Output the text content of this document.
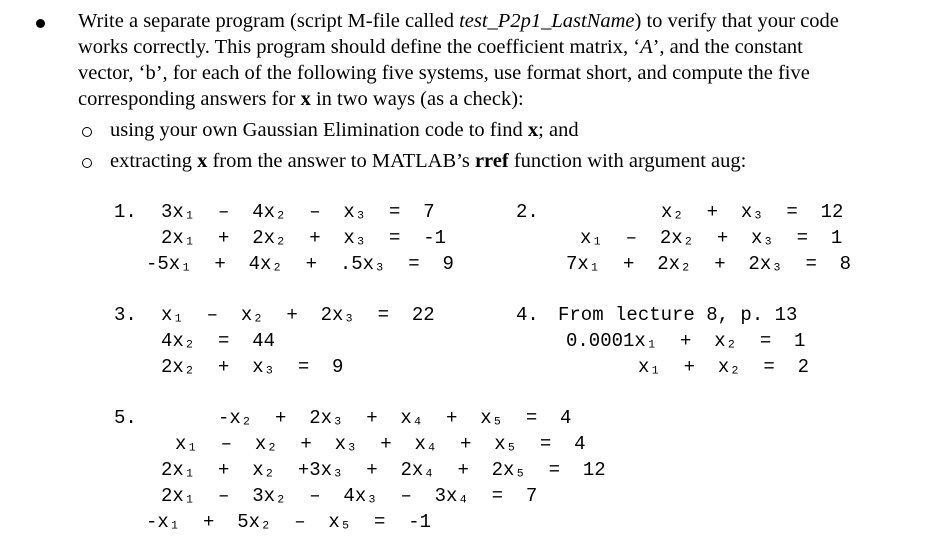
Write a separate program (script M-file called test_P2p1_LastName) to verify that your code
works correctly. This program should define the coefficient matrix, ‘A’, and the constant
vector, ‘b’, for each of the following five systems, use format short, and compute the five
corresponding answers for x in two ways (as a check):
using your own Gaussian Elimination code to find x; and
extracting x from the answer to MATLAB’s rref function with argument aug:
1. 3x₁  –  4x₂  –  x₃  =  7
2x₁  +  2x₂  +  x₃  =  -1
-5x₁  +  4x₂  +  .5x₃  =  9
2.	x₂  +  x₃  =  12
x₁  –  2x₂  +  x₃  =  1
7x₁  +  2x₂  +  2x₃  =  8
3. x₁  –  x₂  +  2x₃  =  22
4x₂  =  44
2x₂  +  x₃  =  9
4. From lecture 8, p. 13
0.0001x₁  +  x₂  =  1
x₁  +  x₂  =  2
5.	-x₂  +  2x₃  +  x₄  +  x₅  =  4
x₁  –  x₂  +  x₃  +  x₄  +  x₅  =  4
2x₁  +  x₂  +3x₃  +  2x₄  +  2x₅  =  12
2x₁  –  3x₂  –  4x₃  –  3x₄  =  7
-x₁  +  5x₂  –  x₅  =  -1
